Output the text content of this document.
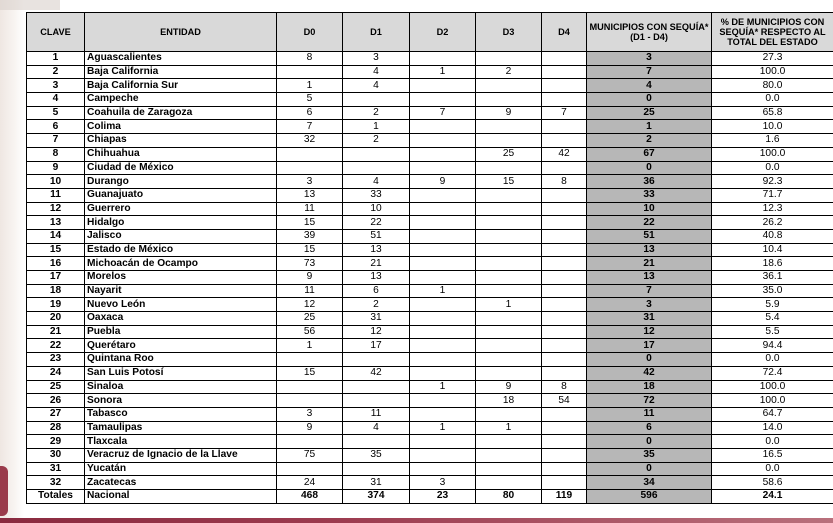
CLAVE	ENTIDAD	D0	D1	D2	D3	D4	MUNICIPIOS CON SEQUÍA* (D1 - D4)	% DE MUNICIPIOS CON SEQUÍA* RESPECTO AL TOTAL DEL ESTADO
1	Aguascalientes	8	3				3	27.3
2	Baja California		4	1	2		7	100.0
3	Baja California Sur	1	4				4	80.0
4	Campeche	5					0	0.0
5	Coahuila de Zaragoza	6	2	7	9	7	25	65.8
6	Colima	7	1				1	10.0
7	Chiapas	32	2				2	1.6
8	Chihuahua				25	42	67	100.0
9	Ciudad de México						0	0.0
10	Durango	3	4	9	15	8	36	92.3
11	Guanajuato	13	33				33	71.7
12	Guerrero	11	10				10	12.3
13	Hidalgo	15	22				22	26.2
14	Jalisco	39	51				51	40.8
15	Estado de México	15	13				13	10.4
16	Michoacán de Ocampo	73	21				21	18.6
17	Morelos	9	13				13	36.1
18	Nayarit	11	6	1			7	35.0
19	Nuevo León	12	2		1		3	5.9
20	Oaxaca	25	31				31	5.4
21	Puebla	56	12				12	5.5
22	Querétaro	1	17				17	94.4
23	Quintana Roo						0	0.0
24	San Luis Potosí	15	42				42	72.4
25	Sinaloa			1	9	8	18	100.0
26	Sonora				18	54	72	100.0
27	Tabasco	3	11				11	64.7
28	Tamaulipas	9	4	1	1		6	14.0
29	Tlaxcala						0	0.0
30	Veracruz de Ignacio de la Llave	75	35				35	16.5
31	Yucatán						0	0.0
32	Zacatecas	24	31	3			34	58.6
Totales	Nacional	468	374	23	80	119	596	24.1
